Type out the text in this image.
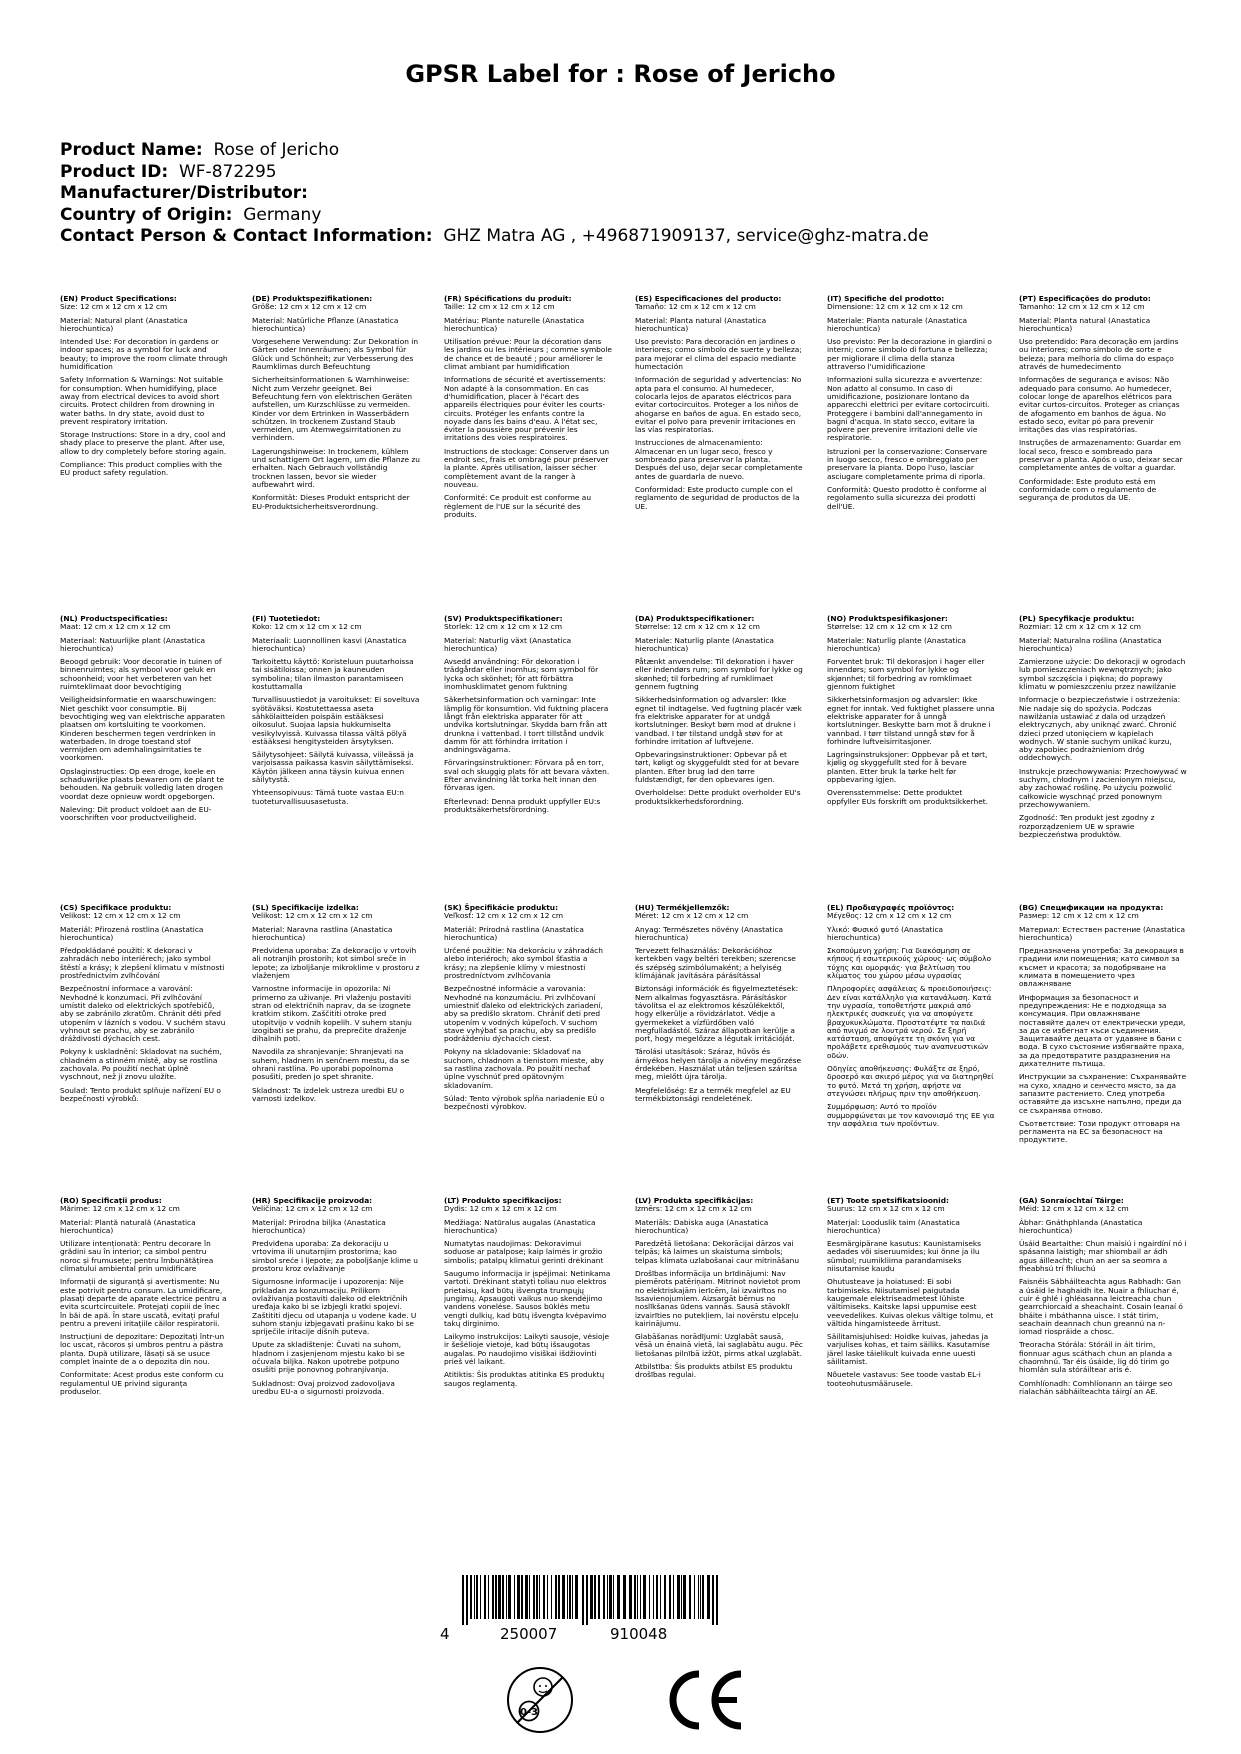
GPSR Label for : Rose of Jericho
Product Name: Rose of Jericho
Product ID: WF-872295
Manufacturer/Distributor:
Country of Origin: Germany
Contact Person & Contact Information: GHZ Matra AG , +496871909137, service@ghz-matra.de
(EN) Product Specifications:
Size: 12 cm x 12 cm x 12 cm
Material: Natural plant (Anastatica hierochuntica)
Intended Use: For decoration in gardens or indoor spaces; as a symbol for luck and beauty; to improve the room climate through humidification
Safety Information & Warnings: Not suitable for consumption. When humidifying, place away from electrical devices to avoid short circuits. Protect children from drowning in water baths. In dry state, avoid dust to prevent respiratory irritation.
Storage Instructions: Store in a dry, cool and shady place to preserve the plant. After use, allow to dry completely before storing again.
Compliance: This product complies with the EU product safety regulation.
(DE) Produktspezifikationen:
Größe: 12 cm x 12 cm x 12 cm
Material: Natürliche Pflanze (Anastatica hierochuntica)
Vorgesehene Verwendung: Zur Dekoration in Gärten oder Innenräumen; als Symbol für Glück und Schönheit; zur Verbesserung des Raumklimas durch Befeuchtung
Sicherheitsinformationen & Warnhinweise: Nicht zum Verzehr geeignet. Bei Befeuchtung fern von elektrischen Geräten aufstellen, um Kurzschlüsse zu vermeiden. Kinder vor dem Ertrinken in Wasserbädern schützen. In trockenem Zustand Staub vermeiden, um Atemwegsirritationen zu verhindern.
Lagerungshinweise: In trockenem, kühlem und schattigem Ort lagern, um die Pflanze zu erhalten. Nach Gebrauch vollständig trocknen lassen, bevor sie wieder aufbewahrt wird.
Konformität: Dieses Produkt entspricht der EU-Produktsicherheitsverordnung.
(FR) Spécifications du produit:
Taille: 12 cm x 12 cm x 12 cm
Matériau: Plante naturelle (Anastatica hierochuntica)
Utilisation prévue: Pour la décoration dans les jardins ou les intérieurs ; comme symbole de chance et de beauté ; pour améliorer le climat ambiant par humidification
Informations de sécurité et avertissements: Non adapté à la consommation. En cas d'humidification, placer à l'écart des appareils électriques pour éviter les courts-circuits. Protéger les enfants contre la noyade dans les bains d'eau. À l'état sec, éviter la poussière pour prévenir les irritations des voies respiratoires.
Instructions de stockage: Conserver dans un endroit sec, frais et ombragé pour préserver la plante. Après utilisation, laisser sécher complètement avant de la ranger à nouveau.
Conformité: Ce produit est conforme au règlement de l'UE sur la sécurité des produits.
(ES) Especificaciones del producto:
Tamaño: 12 cm x 12 cm x 12 cm
Material: Planta natural (Anastatica hierochuntica)
Uso previsto: Para decoración en jardines o interiores; como símbolo de suerte y belleza; para mejorar el clima del espacio mediante humectación
Información de seguridad y advertencias: No apta para el consumo. Al humedecer, colocarla lejos de aparatos eléctricos para evitar cortocircuitos. Proteger a los niños de ahogarse en baños de agua. En estado seco, evitar el polvo para prevenir irritaciones en las vías respiratorias.
Instrucciones de almacenamiento: Almacenar en un lugar seco, fresco y sombreado para preservar la planta. Después del uso, dejar secar completamente antes de guardarla de nuevo.
Conformidad: Este producto cumple con el reglamento de seguridad de productos de la UE.
(IT) Specifiche del prodotto:
Dimensione: 12 cm x 12 cm x 12 cm
Materiale: Pianta naturale (Anastatica hierochuntica)
Uso previsto: Per la decorazione in giardini o interni; come simbolo di fortuna e bellezza; per migliorare il clima della stanza attraverso l'umidificazione
Informazioni sulla sicurezza e avvertenze: Non adatto al consumo. In caso di umidificazione, posizionare lontano da apparecchi elettrici per evitare cortocircuiti. Proteggere i bambini dall'annegamento in bagni d'acqua. In stato secco, evitare la polvere per prevenire irritazioni delle vie respiratorie.
Istruzioni per la conservazione: Conservare in luogo secco, fresco e ombreggiato per preservare la pianta. Dopo l'uso, lasciar asciugare completamente prima di riporla.
Conformità: Questo prodotto è conforme al regolamento sulla sicurezza dei prodotti dell'UE.
(PT) Especificações do produto:
Tamanho: 12 cm x 12 cm x 12 cm
Material: Planta natural (Anastatica hierochuntica)
Uso pretendido: Para decoração em jardins ou interiores; como símbolo de sorte e beleza; para melhoria do clima do espaço através de humedecimento
Informações de segurança e avisos: Não adequado para consumo. Ao humedecer, colocar longe de aparelhos elétricos para evitar curtos-circuitos. Proteger as crianças de afogamento em banhos de água. No estado seco, evitar pó para prevenir irritações das vias respiratórias.
Instruções de armazenamento: Guardar em local seco, fresco e sombreado para preservar a planta. Após o uso, deixar secar completamente antes de voltar a guardar.
Conformidade: Este produto está em conformidade com o regulamento de segurança de produtos da UE.
(NL) Productspecificaties:
Maat: 12 cm x 12 cm x 12 cm
Materiaal: Natuurlijke plant (Anastatica hierochuntica)
Beoogd gebruik: Voor decoratie in tuinen of binnenruimtes; als symbool voor geluk en schoonheid; voor het verbeteren van het ruimteklimaat door bevochtiging
Veiligheidsinformatie en waarschuwingen: Niet geschikt voor consumptie. Bij bevochtiging weg van elektrische apparaten plaatsen om kortsluiting te voorkomen. Kinderen beschermen tegen verdrinken in waterbaden. In droge toestand stof vermijden om ademhalingsirritaties te voorkomen.
Opslaginstructies: Op een droge, koele en schaduwrijke plaats bewaren om de plant te behouden. Na gebruik volledig laten drogen voordat deze opnieuw wordt opgeborgen.
Naleving: Dit product voldoet aan de EU-voorschriften voor productveiligheid.
(FI) Tuotetiedot:
Koko: 12 cm x 12 cm x 12 cm
Materiaali: Luonnollinen kasvi (Anastatica hierochuntica)
Tarkoitettu käyttö: Koristeluun puutarhoissa tai sisätiloissa; onnen ja kauneuden symbolina; tilan ilmaston parantamiseen kostuttamalla
Turvallisuustiedot ja varoitukset: Ei soveltuva syötäväksi. Kostutettaessa aseta sähkölaitteiden poispäin estääksesi oikosulut. Suojaa lapsia hukkumiselta vesikylvyissä. Kuivassa tilassa vältä pölyä estääksesi hengitysteiden ärsytyksen.
Säilytysohjeet: Säilytä kuivassa, viileässä ja varjoisassa paikassa kasvin säilyttämiseksi. Käytön jälkeen anna täysin kuivua ennen säilytystä.
Yhteensopivuus: Tämä tuote vastaa EU:n tuoteturvallisuusasetusta.
(SV) Produktspecifikationer:
Storlek: 12 cm x 12 cm x 12 cm
Material: Naturlig växt (Anastatica hierochuntica)
Avsedd användning: För dekoration i trädgårdar eller inomhus; som symbol för lycka och skönhet; för att förbättra inomhusklimatet genom fuktning
Säkerhetsinformation och varningar: Inte lämplig för konsumtion. Vid fuktning placera långt från elektriska apparater för att undvika kortslutningar. Skydda barn från att drunkna i vattenbad. I torrt tillstånd undvik damm för att förhindra irritation i andningsvägarna.
Förvaringsinstruktioner: Förvara på en torr, sval och skuggig plats för att bevara växten. Efter användning låt torka helt innan den förvaras igen.
Efterlevnad: Denna produkt uppfyller EU:s produktsäkerhetsförordning.
(DA) Produktspecifikationer:
Størrelse: 12 cm x 12 cm x 12 cm
Materiale: Naturlig plante (Anastatica hierochuntica)
Påtænkt anvendelse: Til dekoration i haver eller indendørs rum; som symbol for lykke og skønhed; til forbedring af rumklimaet gennem fugtning
Sikkerhedsinformation og advarsler: Ikke egnet til indtagelse. Ved fugtning placér væk fra elektriske apparater for at undgå kortslutninger. Beskyt børn mod at drukne i vandbad. I tør tilstand undgå støv for at forhindre irritation af luftvejene.
Opbevaringsinstruktioner: Opbevar på et tørt, køligt og skyggefuldt sted for at bevare planten. Efter brug lad den tørre fuldstændigt, før den opbevares igen.
Overholdelse: Dette produkt overholder EU's produktsikkerhedsforordning.
(NO) Produktspesifikasjoner:
Størrelse: 12 cm x 12 cm x 12 cm
Materiale: Naturlig plante (Anastatica hierochuntica)
Forventet bruk: Til dekorasjon i hager eller innendørs; som symbol for lykke og skjønnhet; til forbedring av romklimaet gjennom fuktighet
Sikkerhetsinformasjon og advarsler: Ikke egnet for inntak. Ved fuktighet plassere unna elektriske apparater for å unngå kortslutninger. Beskytte barn mot å drukne i vannbad. I tørr tilstand unngå støv for å forhindre luftveisirritasjoner.
Lagringsinstruksjoner: Oppbevar på et tørt, kjølig og skyggefullt sted for å bevare planten. Etter bruk la tørke helt før oppbevaring igjen.
Overensstemmelse: Dette produktet oppfyller EUs forskrift om produktsikkerhet.
(PL) Specyfikacje produktu:
Rozmiar: 12 cm x 12 cm x 12 cm
Materiał: Naturalna roślina (Anastatica hierochuntica)
Zamierzone użycie: Do dekoracji w ogrodach lub pomieszczeniach wewnętrznych; jako symbol szczęścia i piękna; do poprawy klimatu w pomieszczeniu przez nawilżanie
Informacje o bezpieczeństwie i ostrzeżenia: Nie nadaje się do spożycia. Podczas nawilżania ustawiać z dala od urządzeń elektrycznych, aby uniknąć zwarć. Chronić dzieci przed utonięciem w kąpielach wodnych. W stanie suchym unikać kurzu, aby zapobiec podrażnieniom dróg oddechowych.
Instrukcje przechowywania: Przechowywać w suchym, chłodnym i zacienionym miejscu, aby zachować roślinę. Po użyciu pozwolić całkowicie wyschnąć przed ponownym przechowywaniem.
Zgodność: Ten produkt jest zgodny z rozporządzeniem UE w sprawie bezpieczeństwa produktów.
(CS) Specifikace produktu:
Velikost: 12 cm x 12 cm x 12 cm
Materiál: Přirozená rostlina (Anastatica hierochuntica)
Předpokládané použití: K dekoraci v zahradách nebo interiérech; jako symbol štěstí a krásy; k zlepšení klimatu v místnosti prostřednictvím zvlhčování
Bezpečnostní informace a varování: Nevhodné k konzumaci. Při zvlhčování umístit daleko od elektrických spotřebičů, aby se zabránilo zkratům. Chránit děti před utopením v lázních s vodou. V suchém stavu vyhnout se prachu, aby se zabránilo dráždivosti dýchacích cest.
Pokyny k uskladnění: Skladovat na suchém, chladném a stinném místě, aby se rostlina zachovala. Po použití nechat úplně vyschnout, než ji znovu uložíte.
Soulad: Tento produkt splňuje nařízení EU o bezpečnosti výrobků.
(SL) Specifikacije izdelka:
Velikost: 12 cm x 12 cm x 12 cm
Material: Naravna rastlina (Anastatica hierochuntica)
Predvidena uporaba: Za dekoracijo v vrtovih ali notranjih prostorih; kot simbol sreče in lepote; za izboljšanje mikroklime v prostoru z vlaženjem
Varnostne informacije in opozorila: Ni primerno za uživanje. Pri vlaženju postaviti stran od električnih naprav, da se izognete kratkim stikom. Zaščititi otroke pred utopitvijo v vodnih kopelih. V suhem stanju izogibati se prahu, da preprečite draženje dihalnih poti.
Navodila za shranjevanje: Shranjevati na suhem, hladnem in senčnem mestu, da se ohrani rastlina. Po uporabi popolnoma posušiti, preden jo spet shranite.
Skladnost: Ta izdelek ustreza uredbi EU o varnosti izdelkov.
(SK) Špecifikácie produktu:
Veľkosť: 12 cm x 12 cm x 12 cm
Materiál: Prírodná rastlina (Anastatica hierochuntica)
Určené použitie: Na dekoráciu v záhradách alebo interiéroch; ako symbol šťastia a krásy; na zlepšenie klímy v miestnosti prostredníctvom zvlhčovania
Bezpečnostné informácie a varovania: Nevhodné na konzumáciu. Pri zvlhčovaní umiestniť ďaleko od elektrických zariadení, aby sa predišlo skratom. Chrániť deti pred utopením v vodných kúpeľoch. V suchom stave vyhýbať sa prachu, aby sa predišlo podráždeniu dýchacích ciest.
Pokyny na skladovanie: Skladovať na suchom, chladnom a tienistom mieste, aby sa rastlina zachovala. Po použití nechať úplne vyschnúť pred opätovným skladovaním.
Súlad: Tento výrobok spĺňa nariadenie EÚ o bezpečnosti výrobkov.
(HU) Termékjellemzők:
Méret: 12 cm x 12 cm x 12 cm
Anyag: Természetes növény (Anastatica hierochuntica)
Tervezett felhasználás: Dekorációhoz kertekben vagy beltéri terekben; szerencse és szépség szimbólumaként; a helyiség klímájának javítására párásítással
Biztonsági információk és figyelmeztetések: Nem alkalmas fogyasztásra. Párásításkor távolítsa el az elektromos készülékektől, hogy elkerülje a rövidzárlatot. Védje a gyermekeket a vízfürdőben való megfulladástól. Száraz állapotban kerülje a port, hogy megelőzze a légutak irritációját.
Tárolási utasítások: Száraz, hűvös és árnyékos helyen tárolja a növény megőrzése érdekében. Használat után teljesen szárítsa meg, mielőtt újra tárolja.
Megfelelőség: Ez a termék megfelel az EU termékbiztonsági rendeletének.
(EL) Προδιαγραφές προϊόντος:
Μέγεθος: 12 cm x 12 cm x 12 cm
Υλικό: Φυσικό φυτό (Anastatica hierochuntica)
Σκοπούμενη χρήση: Για διακόσμηση σε κήπους ή εσωτερικούς χώρους· ως σύμβολο τύχης και ομορφιάς· για βελτίωση του κλίματος του χώρου μέσω υγρασίας
Πληροφορίες ασφάλειας & προειδοποιήσεις: Δεν είναι κατάλληλο για κατανάλωση. Κατά την υγρασία, τοποθετήστε μακριά από ηλεκτρικές συσκευές για να αποφύγετε βραχυκυκλώματα. Προστατέψτε τα παιδιά από πνιγμό σε λουτρά νερού. Σε ξηρή κατάσταση, αποφύγετε τη σκόνη για να προλάβετε ερεθισμούς των αναπνευστικών οδών.
Οδηγίες αποθήκευσης: Φυλάξτε σε ξηρό, δροσερό και σκιερό μέρος για να διατηρηθεί το φυτό. Μετά τη χρήση, αφήστε να στεγνώσει πλήρως πριν την αποθήκευση.
Συμμόρφωση: Αυτό το προϊόν συμμορφώνεται με τον κανονισμό της ΕΕ για την ασφάλεια των προϊόντων.
(BG) Спецификации на продукта:
Размер: 12 cm x 12 cm x 12 cm
Материал: Естествен растение (Anastatica hierochuntica)
Предназначена употреба: За декорация в градини или помещения; като символ за късмет и красота; за подобряване на климата в помещението чрез овлажняване
Информация за безопасност и предупреждения: Не е подходяща за консумация. При овлажняване поставяйте далеч от електрически уреди, за да се избегнат къси съединения. Защитавайте децата от удавяне в бани с вода. В сухо състояние избягвайте праха, за да предотвратите раздразнения на дихателните пътища.
Инструкции за съхранение: Съхранявайте на сухо, хладно и сенчесто място, за да запазите растението. След употреба оставяйте да изсъхне напълно, преди да се съхранява отново.
Съответствие: Този продукт отговаря на регламента на ЕС за безопасност на продуктите.
(RO) Specificații produs:
Mărime: 12 cm x 12 cm x 12 cm
Material: Plantă naturală (Anastatica hierochuntica)
Utilizare intenționată: Pentru decorare în grădini sau în interior; ca simbol pentru noroc și frumusețe; pentru îmbunătățirea climatului ambiental prin umidificare
Informații de siguranță și avertismente: Nu este potrivit pentru consum. La umidificare, plasați departe de aparate electrice pentru a evita scurtcircuitele. Protejați copiii de înec în băi de apă. În stare uscată, evitați praful pentru a preveni iritațiile căilor respiratorii.
Instrucțiuni de depozitare: Depozitați într-un loc uscat, răcoros și umbros pentru a păstra planta. După utilizare, lăsați să se usuce complet înainte de a o depozita din nou.
Conformitate: Acest produs este conform cu regulamentul UE privind siguranța produselor.
(HR) Specifikacije proizvoda:
Veličina: 12 cm x 12 cm x 12 cm
Materijal: Prirodna biljka (Anastatica hierochuntica)
Predviđena uporaba: Za dekoraciju u vrtovima ili unutarnjim prostorima; kao simbol sreće i ljepote; za poboljšanje klime u prostoru kroz ovlaživanje
Sigurnosne informacije i upozorenja: Nije prikladan za konzumaciju. Prilikom ovlaživanja postaviti daleko od električnih uređaja kako bi se izbjegli kratki spojevi. Zaštititi djecu od utapanja u vodene kade. U suhom stanju izbjegavati prašinu kako bi se spriječile iritacije dišnih puteva.
Upute za skladištenje: Čuvati na suhom, hladnom i zasjenjenom mjestu kako bi se očuvala biljka. Nakon upotrebe potpuno osušiti prije ponovnog pohranjivanja.
Sukladnost: Ovaj proizvod zadovoljava uredbu EU-a o sigurnosti proizvoda.
(LT) Produkto specifikacijos:
Dydis: 12 cm x 12 cm x 12 cm
Medžiaga: Natūralus augalas (Anastatica hierochuntica)
Numatytas naudojimas: Dekoravimui soduose ar patalpose; kaip laimės ir grožio simbolis; patalpų klimatui gerinti drėkinant
Saugumo informacija ir įspėjimai: Netinkama vartoti. Drėkinant statyti toliau nuo elektros prietaisų, kad būtų išvengta trumpųjų jungimų. Apsaugoti vaikus nuo skendėjimo vandens vonelėse. Sausos būklės metu vengti dulkių, kad būtų išvengta kvėpavimo takų dirginimo.
Laikymo instrukcijos: Laikyti sausoje, vėsioje ir šešėlioje vietoje, kad būtų išsaugotas augalas. Po naudojimo visiškai išdžiovinti prieš vėl laikant.
Atitiktis: Šis produktas atitinka ES produktų saugos reglamentą.
(LV) Produkta specifikācijas:
Izmērs: 12 cm x 12 cm x 12 cm
Materiāls: Dabiska auga (Anastatica hierochuntica)
Paredzētā lietošana: Dekorācijai dārzos vai telpās; kā laimes un skaistuma simbols; telpas klimata uzlabošanai caur mitrināšanu
Drošības informācija un brīdinājumi: Nav piemērots patēriņam. Mitrinot novietot prom no elektriskajām ierīcēm, lai izvairītos no īssavienojumiem. Aizsargāt bērnus no noslīkšanas ūdens vannās. Sausā stāvoklī izvairīties no putekļiem, lai novērstu elpceļu kairinājumu.
Glabāšanas norādījumi: Uzglabāt sausā, vēsā un ēnainā vietā, lai saglabātu augu. Pēc lietošanas pilnībā izžūt, pirms atkal uzglabāt.
Atbilstība: Šis produkts atbilst ES produktu drošības regulai.
(ET) Toote spetsifikatsioonid:
Suurus: 12 cm x 12 cm x 12 cm
Materjal: Looduslik taim (Anastatica hierochuntica)
Eesmärgipärane kasutus: Kaunistamiseks aedades või siseruumides; kui õnne ja ilu sümbol; ruumikliima parandamiseks niisutamise kaudu
Ohutusteave ja hoiatused: Ei sobi tarbimiseks. Niisutamisel paigutada kaugemale elektriseadmetest lühiste vältimiseks. Kaitske lapsi uppumise eest veevedelikes. Kuivas olekus vältige tolmu, et vältida hingamisteede ärritust.
Säilitamisjuhised: Hoidke kuivas, jahedas ja varjulises kohas, et taim säiliks. Kasutamise järel laske täielikult kuivada enne uuesti säilitamist.
Nõuetele vastavus: See toode vastab EL-i tooteohutusmäärusele.
(GA) Sonraíochtaí Táirge:
Méid: 12 cm x 12 cm x 12 cm
Ábhar: Gnáthphlanda (Anastatica hierochuntica)
Úsáid Beartaithe: Chun maisiú i ngairdíní nó i spásanna laistigh; mar shiombail ar ádh agus áilleacht; chun an aer sa seomra a fheabhsú trí fhliuchú
Faisnéis Sábháilteachta agus Rabhadh: Gan a úsáid le haghaidh ite. Nuair a fhliuchar é, cuir é ghlé i ghléasanna leictreacha chun gearrchiorcaid a sheachaint. Cosain leanaí ó bháite i mbáthanna uisce. I stát tirim, seachain deannach chun greannú na n-iomad riospráide a chosc.
Treoracha Stórála: Stóráil in áit tirim, fionnuar agus scáthach chun an planda a chaomhnú. Tar éis úsáide, lig dó tirim go hiomlán sula stóráiltear arís é.
Comhlíonadh: Comhlíonann an táirge seo rialachán sábháilteachta táirgí an AE.
4	250007	910048
0-3
